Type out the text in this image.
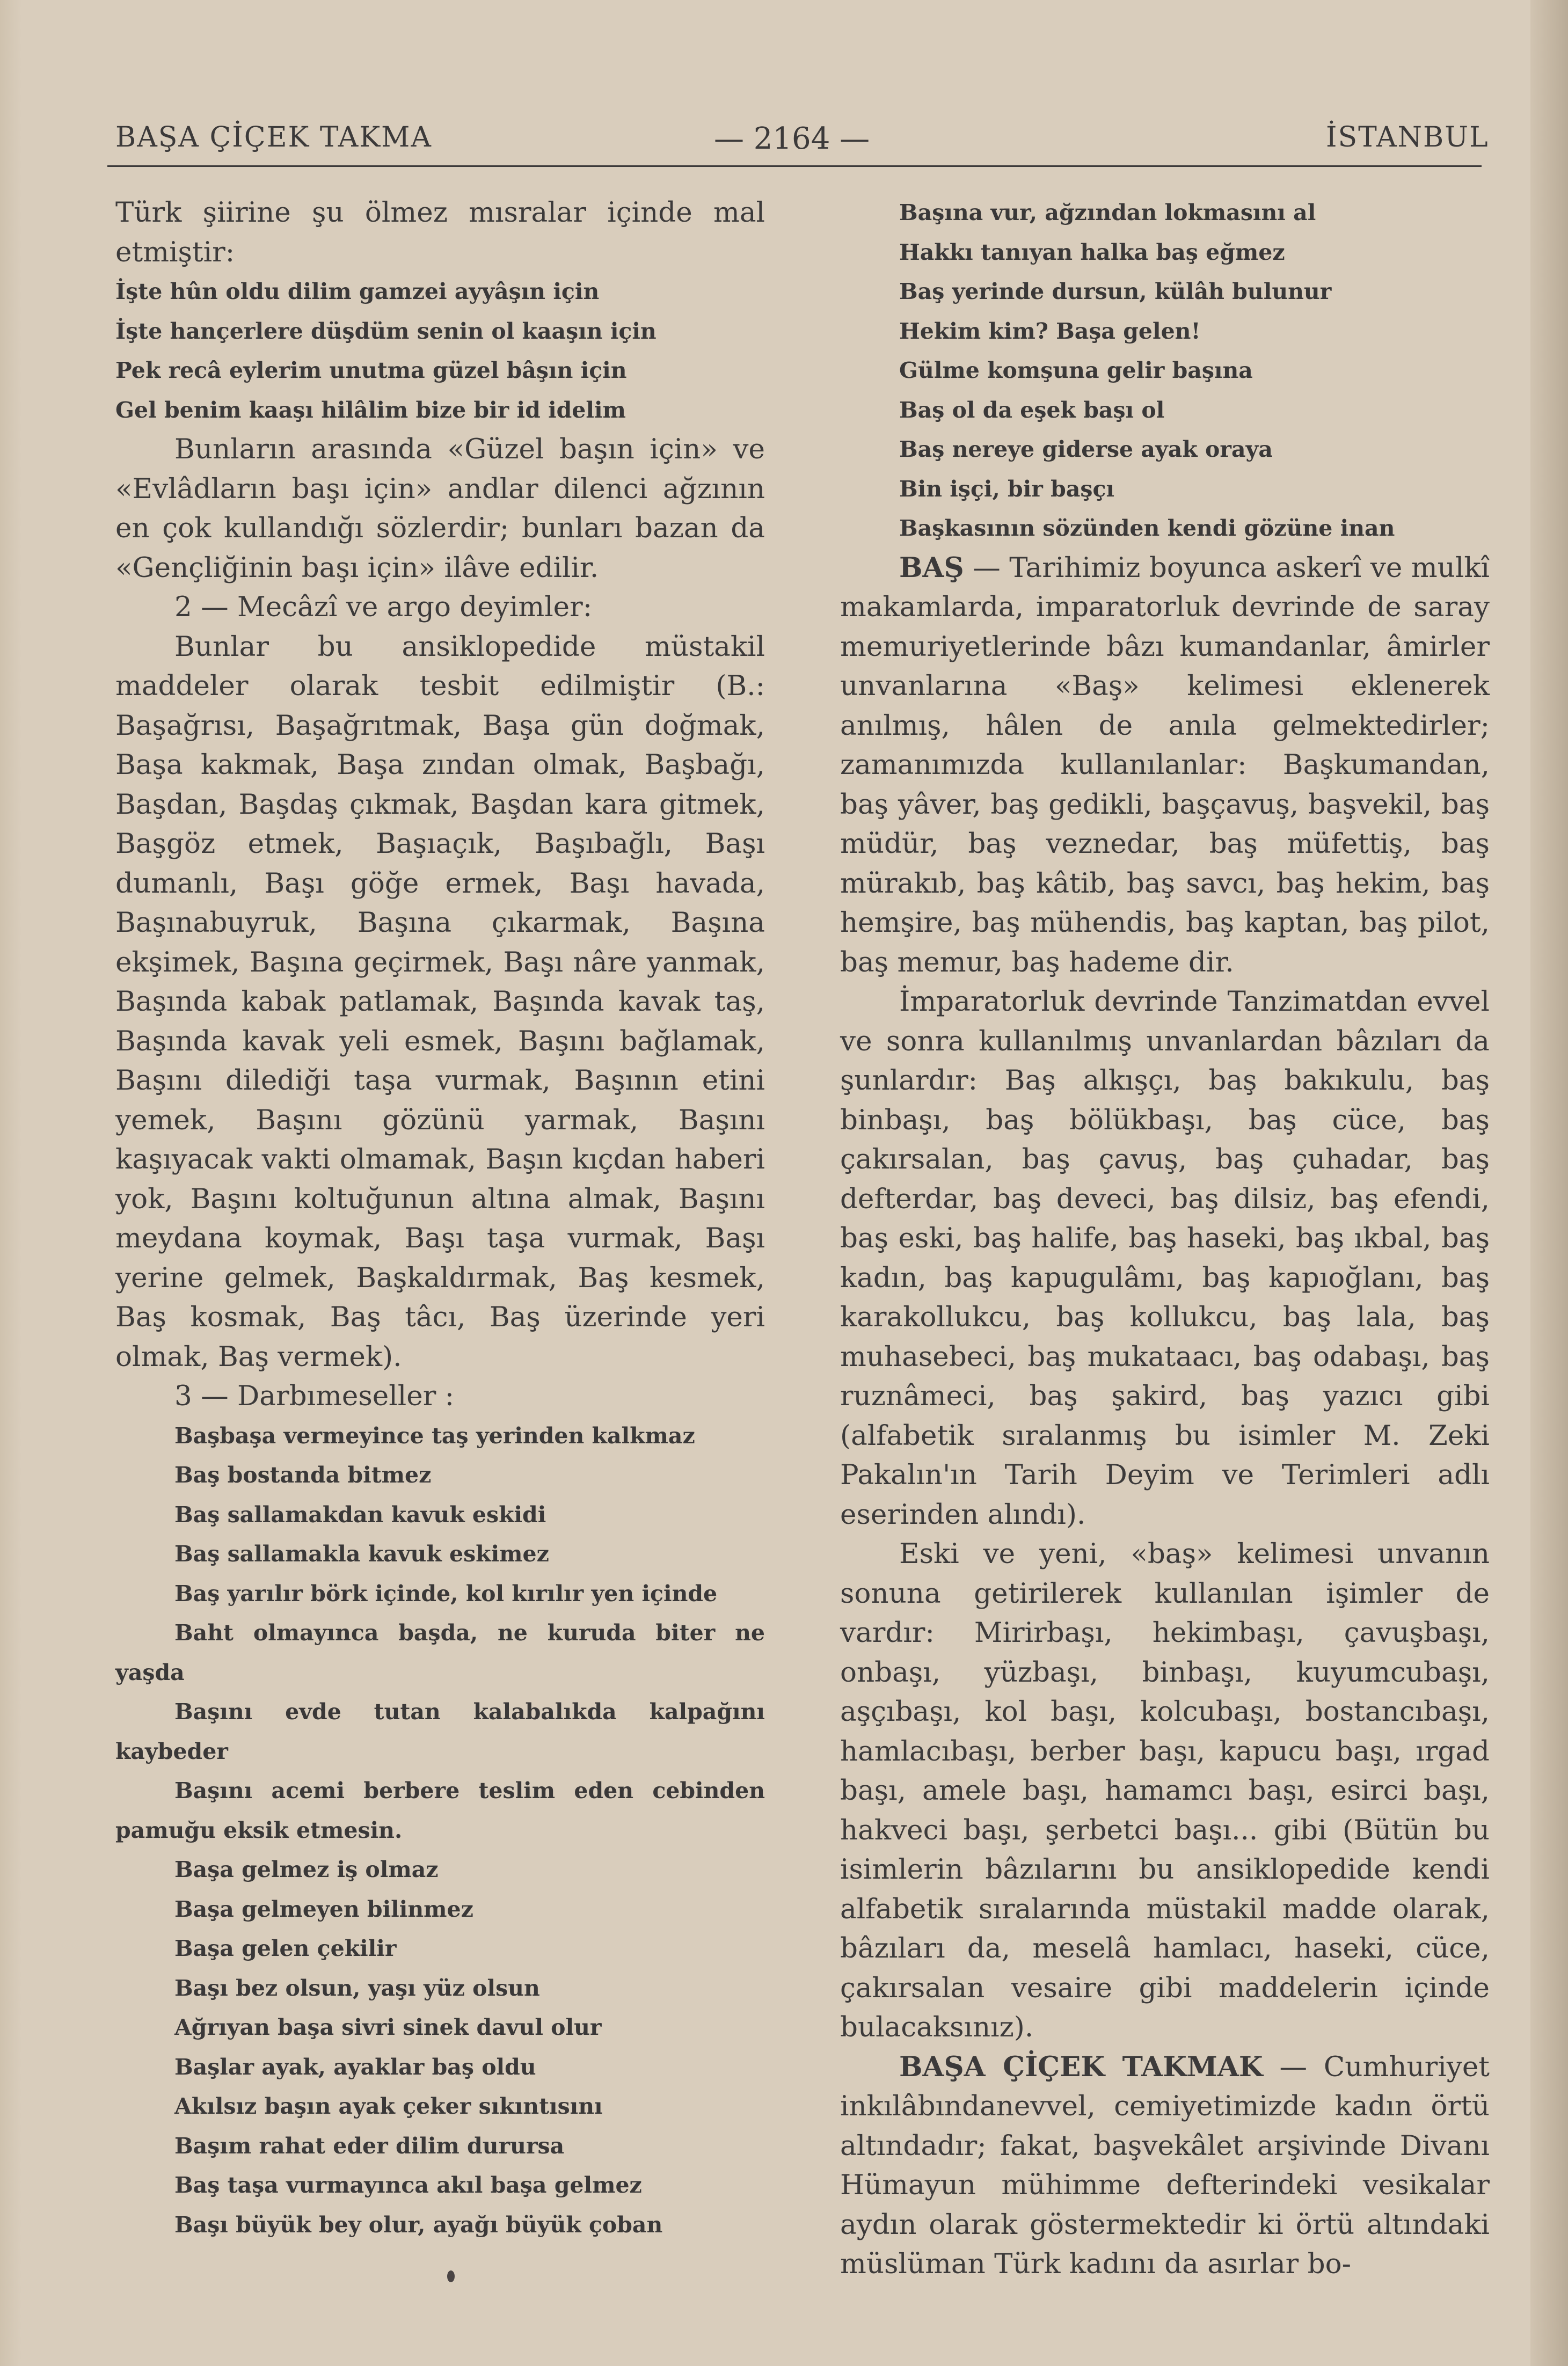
BAŞA ÇİÇEK TAKMA	— 2164 —	İSTANBUL

Türk şiirine şu ölmez mısralar içinde mal etmiştir:

İşte hûn oldu dilim gamzei ayyâşın için

İşte hançerlere düşdüm senin ol kaaşın için

Pek recâ eylerim unutma güzel bâşın için

Gel benim kaaşı hilâlim bize bir id idelim

Bunların arasında «Güzel başın için» ve «Evlâdların başı için» andlar dilenci ağzının en çok kullandığı sözlerdir; bunları bazan da «Gençliğinin başı için» ilâve edilir.

2 — Mecâzî ve argo deyimler:

Bunlar bu ansiklopedide müstakil maddeler olarak tesbit edilmiştir (B.: Başağrısı, Başağrıtmak, Başa gün doğmak, Başa kakmak, Başa zından olmak, Başbağı, Başdan, Başdaş çıkmak, Başdan kara gitmek, Başgöz etmek, Başıaçık, Başıbağlı, Başı dumanlı, Başı göğe ermek, Başı havada, Başınabuyruk, Başına çıkarmak, Başına ekşimek, Başına geçirmek, Başı nâre yanmak, Başında kabak patlamak, Başında kavak taş, Başında kavak yeli esmek, Başını bağlamak, Başını dilediği taşa vurmak, Başının etini yemek, Başını gözünü yarmak, Başını kaşıyacak vakti olmamak, Başın kıçdan haberi yok, Başını koltuğunun altına almak, Başını meydana koymak, Başı taşa vurmak, Başı yerine gelmek, Başkaldırmak, Baş kesmek, Baş kosmak, Baş tâcı, Baş üzerinde yeri olmak, Baş vermek).

3 — Darbımeseller :

Başbaşa vermeyince taş yerinden kalkmaz

Baş bostanda bitmez

Baş sallamakdan kavuk eskidi

Baş sallamakla kavuk eskimez

Baş yarılır börk içinde, kol kırılır yen içinde

Baht olmayınca başda, ne kuruda biter ne yaşda

Başını evde tutan kalabalıkda kalpağını kaybeder

Başını acemi berbere teslim eden cebinden pamuğu eksik etmesin.

Başa gelmez iş olmaz

Başa gelmeyen bilinmez

Başa gelen çekilir

Başı bez olsun, yaşı yüz olsun

Ağrıyan başa sivri sinek davul olur

Başlar ayak, ayaklar baş oldu

Akılsız başın ayak çeker sıkıntısını

Başım rahat eder dilim durursa

Baş taşa vurmayınca akıl başa gelmez

Başı büyük bey olur, ayağı büyük çoban

Başına vur, ağzından lokmasını al

Hakkı tanıyan halka baş eğmez

Baş yerinde dursun, külâh bulunur

Hekim kim? Başa gelen!

Gülme komşuna gelir başına

Baş ol da eşek başı ol

Baş nereye giderse ayak oraya

Bin işçi, bir başçı

Başkasının sözünden kendi gözüne inan

BAŞ — Tarihimiz boyunca askerî ve mulkî makamlarda, imparatorluk devrinde de saray memuriyetlerinde bâzı kumandanlar, âmirler unvanlarına «Baş» kelimesi eklenerek anılmış, hâlen de anıla gelmektedirler; zamanımızda kullanılanlar: Başkumandan, baş yâver, baş gedikli, başçavuş, başvekil, baş müdür, baş veznedar, baş müfettiş, baş mürakıb, baş kâtib, baş savcı, baş hekim, baş hemşire, baş mühendis, baş kaptan, baş pilot, baş memur, baş hademe dir.

İmparatorluk devrinde Tanzimatdan evvel ve sonra kullanılmış unvanlardan bâzıları da şunlardır: Baş alkışçı, baş bakıkulu, baş binbaşı, baş bölükbaşı, baş cüce, baş çakırsalan, baş çavuş, baş çuhadar, baş defterdar, baş deveci, baş dilsiz, baş efendi, baş eski, baş halife, baş haseki, baş ıkbal, baş kadın, baş kapugulâmı, baş kapıoğlanı, baş karakollukcu, baş kollukcu, baş lala, baş muhasebeci, baş mukataacı, baş odabaşı, baş ruznâmeci, baş şakird, baş yazıcı gibi (alfabetik sıralanmış bu isimler M. Zeki Pakalın'ın Tarih Deyim ve Terimleri adlı eserinden alındı).

Eski ve yeni, «baş» kelimesi unvanın sonuna getirilerek kullanılan işimler de vardır: Mirirbaşı, hekimbaşı, çavuşbaşı, onbaşı, yüzbaşı, binbaşı, kuyumcubaşı, aşçıbaşı, kol başı, kolcubaşı, bostancıbaşı, hamlacıbaşı, berber başı, kapucu başı, ırgad başı, amele başı, hamamcı başı, esirci başı, hakveci başı, şerbetci başı... gibi (Bütün bu isimlerin bâzılarını bu ansiklopedide kendi alfabetik sıralarında müstakil madde olarak, bâzıları da, meselâ hamlacı, haseki, cüce, çakırsalan vesaire gibi maddelerin içinde bulacaksınız).

BAŞA ÇİÇEK TAKMAK — Cumhuriyet inkılâbındanevvel, cemiyetimizde kadın örtü altındadır; fakat, başvekâlet arşivinde Divanı Hümayun mühimme defterindeki vesikalar aydın olarak göstermektedir ki örtü altındaki müslüman Türk kadını da asırlar bo-
